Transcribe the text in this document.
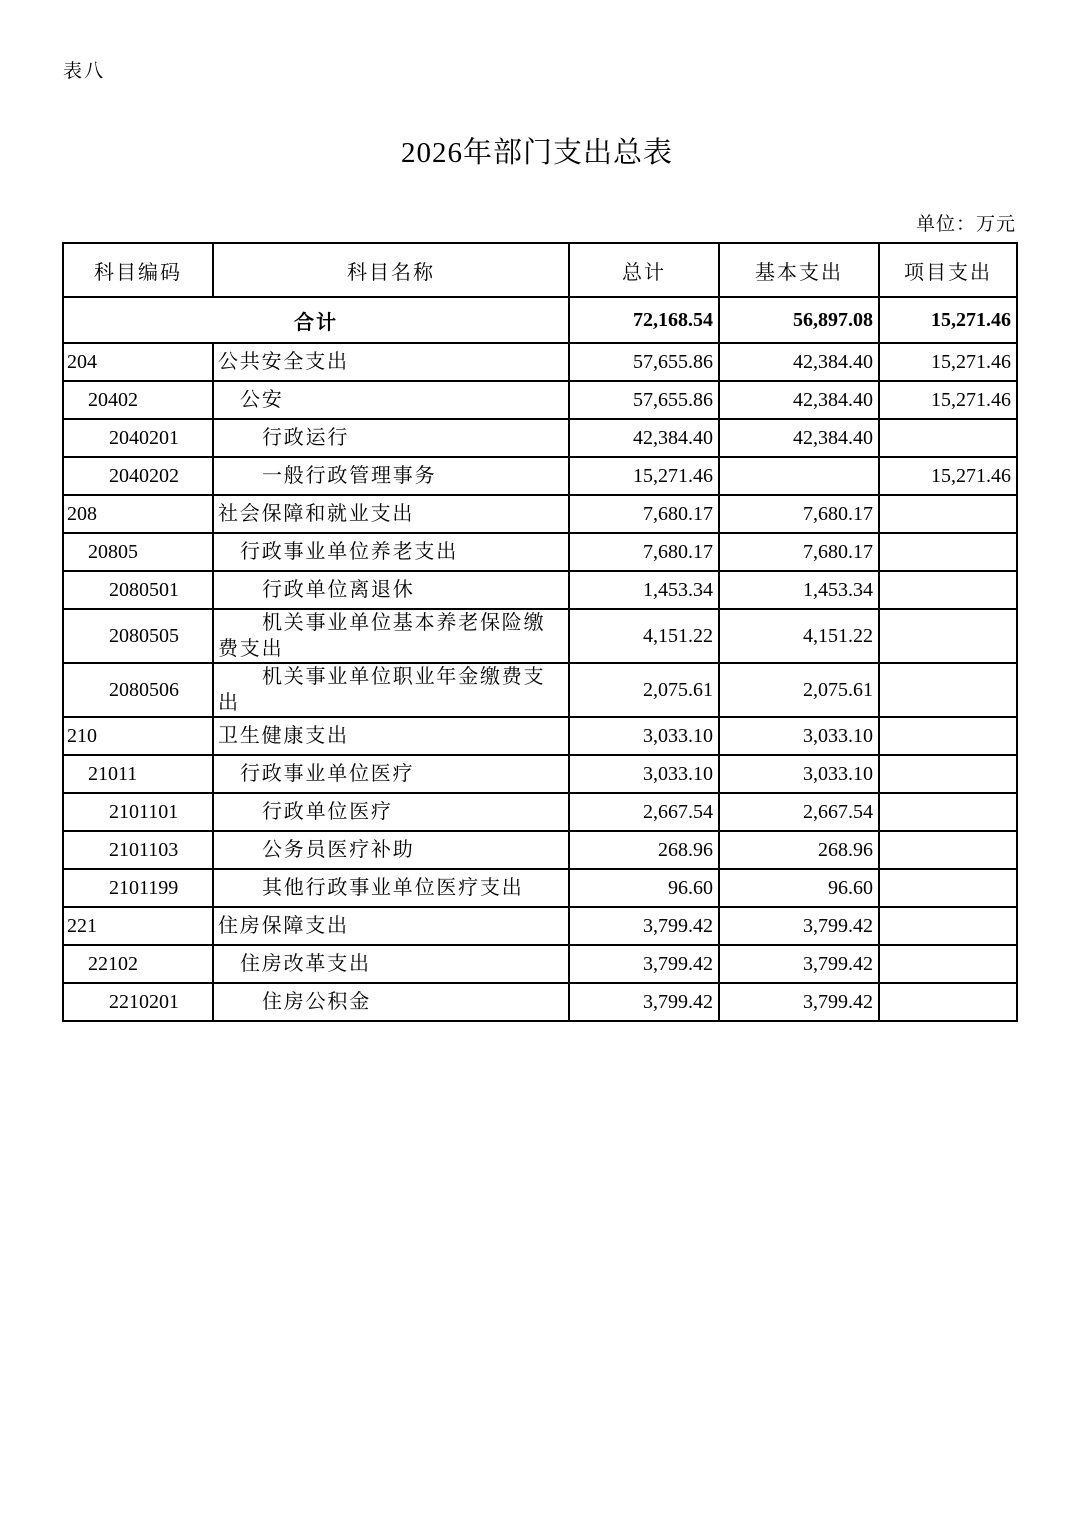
表八
2026年部门支出总表
单位：万元
科目编码	科目名称	总计	基本支出	项目支出
合计		72,168.54	56,897.08	15,271.46
204	公共安全支出	57,655.86	42,384.40	15,271.46
20402	公安	57,655.86	42,384.40	15,271.46
2040201	行政运行	42,384.40	42,384.40	
2040202	一般行政管理事务	15,271.46		15,271.46
208	社会保障和就业支出	7,680.17	7,680.17	
20805	行政事业单位养老支出	7,680.17	7,680.17	
2080501	行政单位离退休	1,453.34	1,453.34	
2080505	机关事业单位基本养老保险缴费支出	4,151.22	4,151.22	
2080506	机关事业单位职业年金缴费支出	2,075.61	2,075.61	
210	卫生健康支出	3,033.10	3,033.10	
21011	行政事业单位医疗	3,033.10	3,033.10	
2101101	行政单位医疗	2,667.54	2,667.54	
2101103	公务员医疗补助	268.96	268.96	
2101199	其他行政事业单位医疗支出	96.60	96.60	
221	住房保障支出	3,799.42	3,799.42	
22102	住房改革支出	3,799.42	3,799.42	
2210201	住房公积金	3,799.42	3,799.42	
